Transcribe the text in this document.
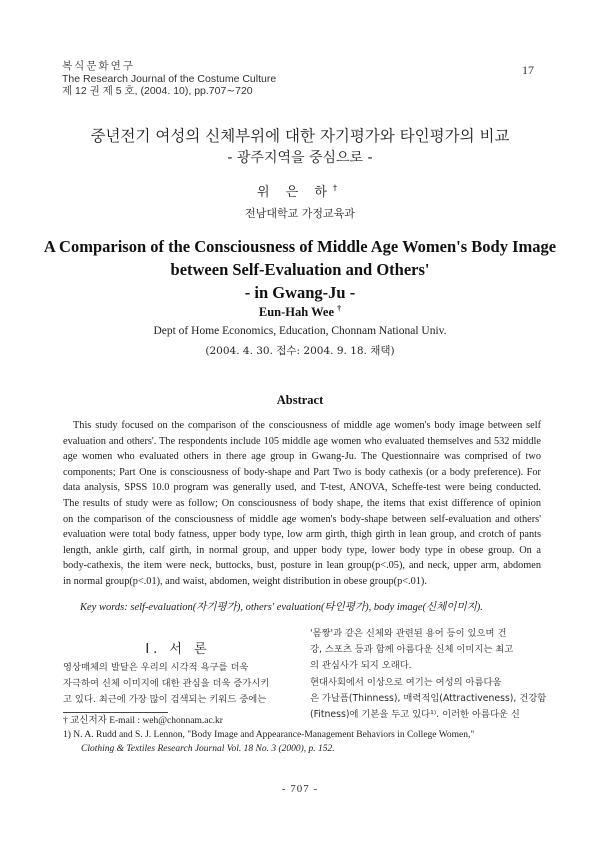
복식문화연구
The Research Journal of the Costume Culture
제 12 권 제 5 호, (2004. 10), pp.707∼720
17
중년전기 여성의 신체부위에 대한 자기평가와 타인평가의 비교
- 광주지역을 중심으로 -
위 은 하†
전남대학교 가정교육과
A Comparison of the Consciousness of Middle Age Women's Body Image
between Self-Evaluation and Others'
- in Gwang-Ju -
Eun-Hah Wee †
Dept of Home Economics, Education, Chonnam National Univ.
(2004. 4. 30. 접수: 2004. 9. 18. 채택)
Abstract
This study focused on the comparison of the consciousness of middle age women's body image between self
evaluation and others'. The respondents include 105 middle age women who evaluated themselves and 532 middle
age women who evaluated others in there age group in Gwang-Ju. The Questionnaire was comprised of two
components; Part One is consciousness of body-shape and Part Two is body cathexis (or a body preference). For
data analysis, SPSS 10.0 program was generally used, and T-test, ANOVA, Scheffe-test were being conducted.
The results of study were as follow; On consciousness of body shape, the items that exist difference of opinion
on the comparison of the consciousness of middle age women's body-shape between self-evaluation and others'
evaluation were total body fatness, upper body type, low arm girth, thigh girth in lean group, and crotch of pants
length, ankle girth, calf girth, in normal group, and upper body type, lower body type in obese group. On a
body-cathexis, the item were neck, buttocks, bust, posture in lean group(p<.05), and neck, upper arm, abdomen
in normal group(p<.01), and waist, abdomen, weight distribution in obese group(p<.01).
Key words: self-evaluation(자기평가), others' evaluation(타인평가), body image(신체이미지).
Ⅰ. 서 론
영상매체의 발달은 우리의 시각적 욕구를 더욱
자극하여 신체 이미지에 대한 관심을 더욱 증가시키
고 있다. 최근에 가장 많이 검색되는 키워드 중에는
'몸짱'과 같은 신체와 관련된 용어 등이 있으며 건
강, 스포츠 등과 함께 아름다운 신체 이미지는 최고
의 관심사가 되지 오래다.
현대사회에서 이상으로 여기는 여성의 아름다움
은 가날픔(Thinness), 매력적임(Attractiveness), 건강함
(Fitness)에 기본을 두고 있다¹⁾. 이러한 아름다운 신
† 교신저자 E-mail : weh@chonnam.ac.kr
1) N. A. Rudd and S. J. Lennon, "Body Image and Appearance-Management Behaviors in College Women,"
Clothing & Textiles Research Journal Vol. 18 No. 3 (2000), p. 152.
- 707 -
